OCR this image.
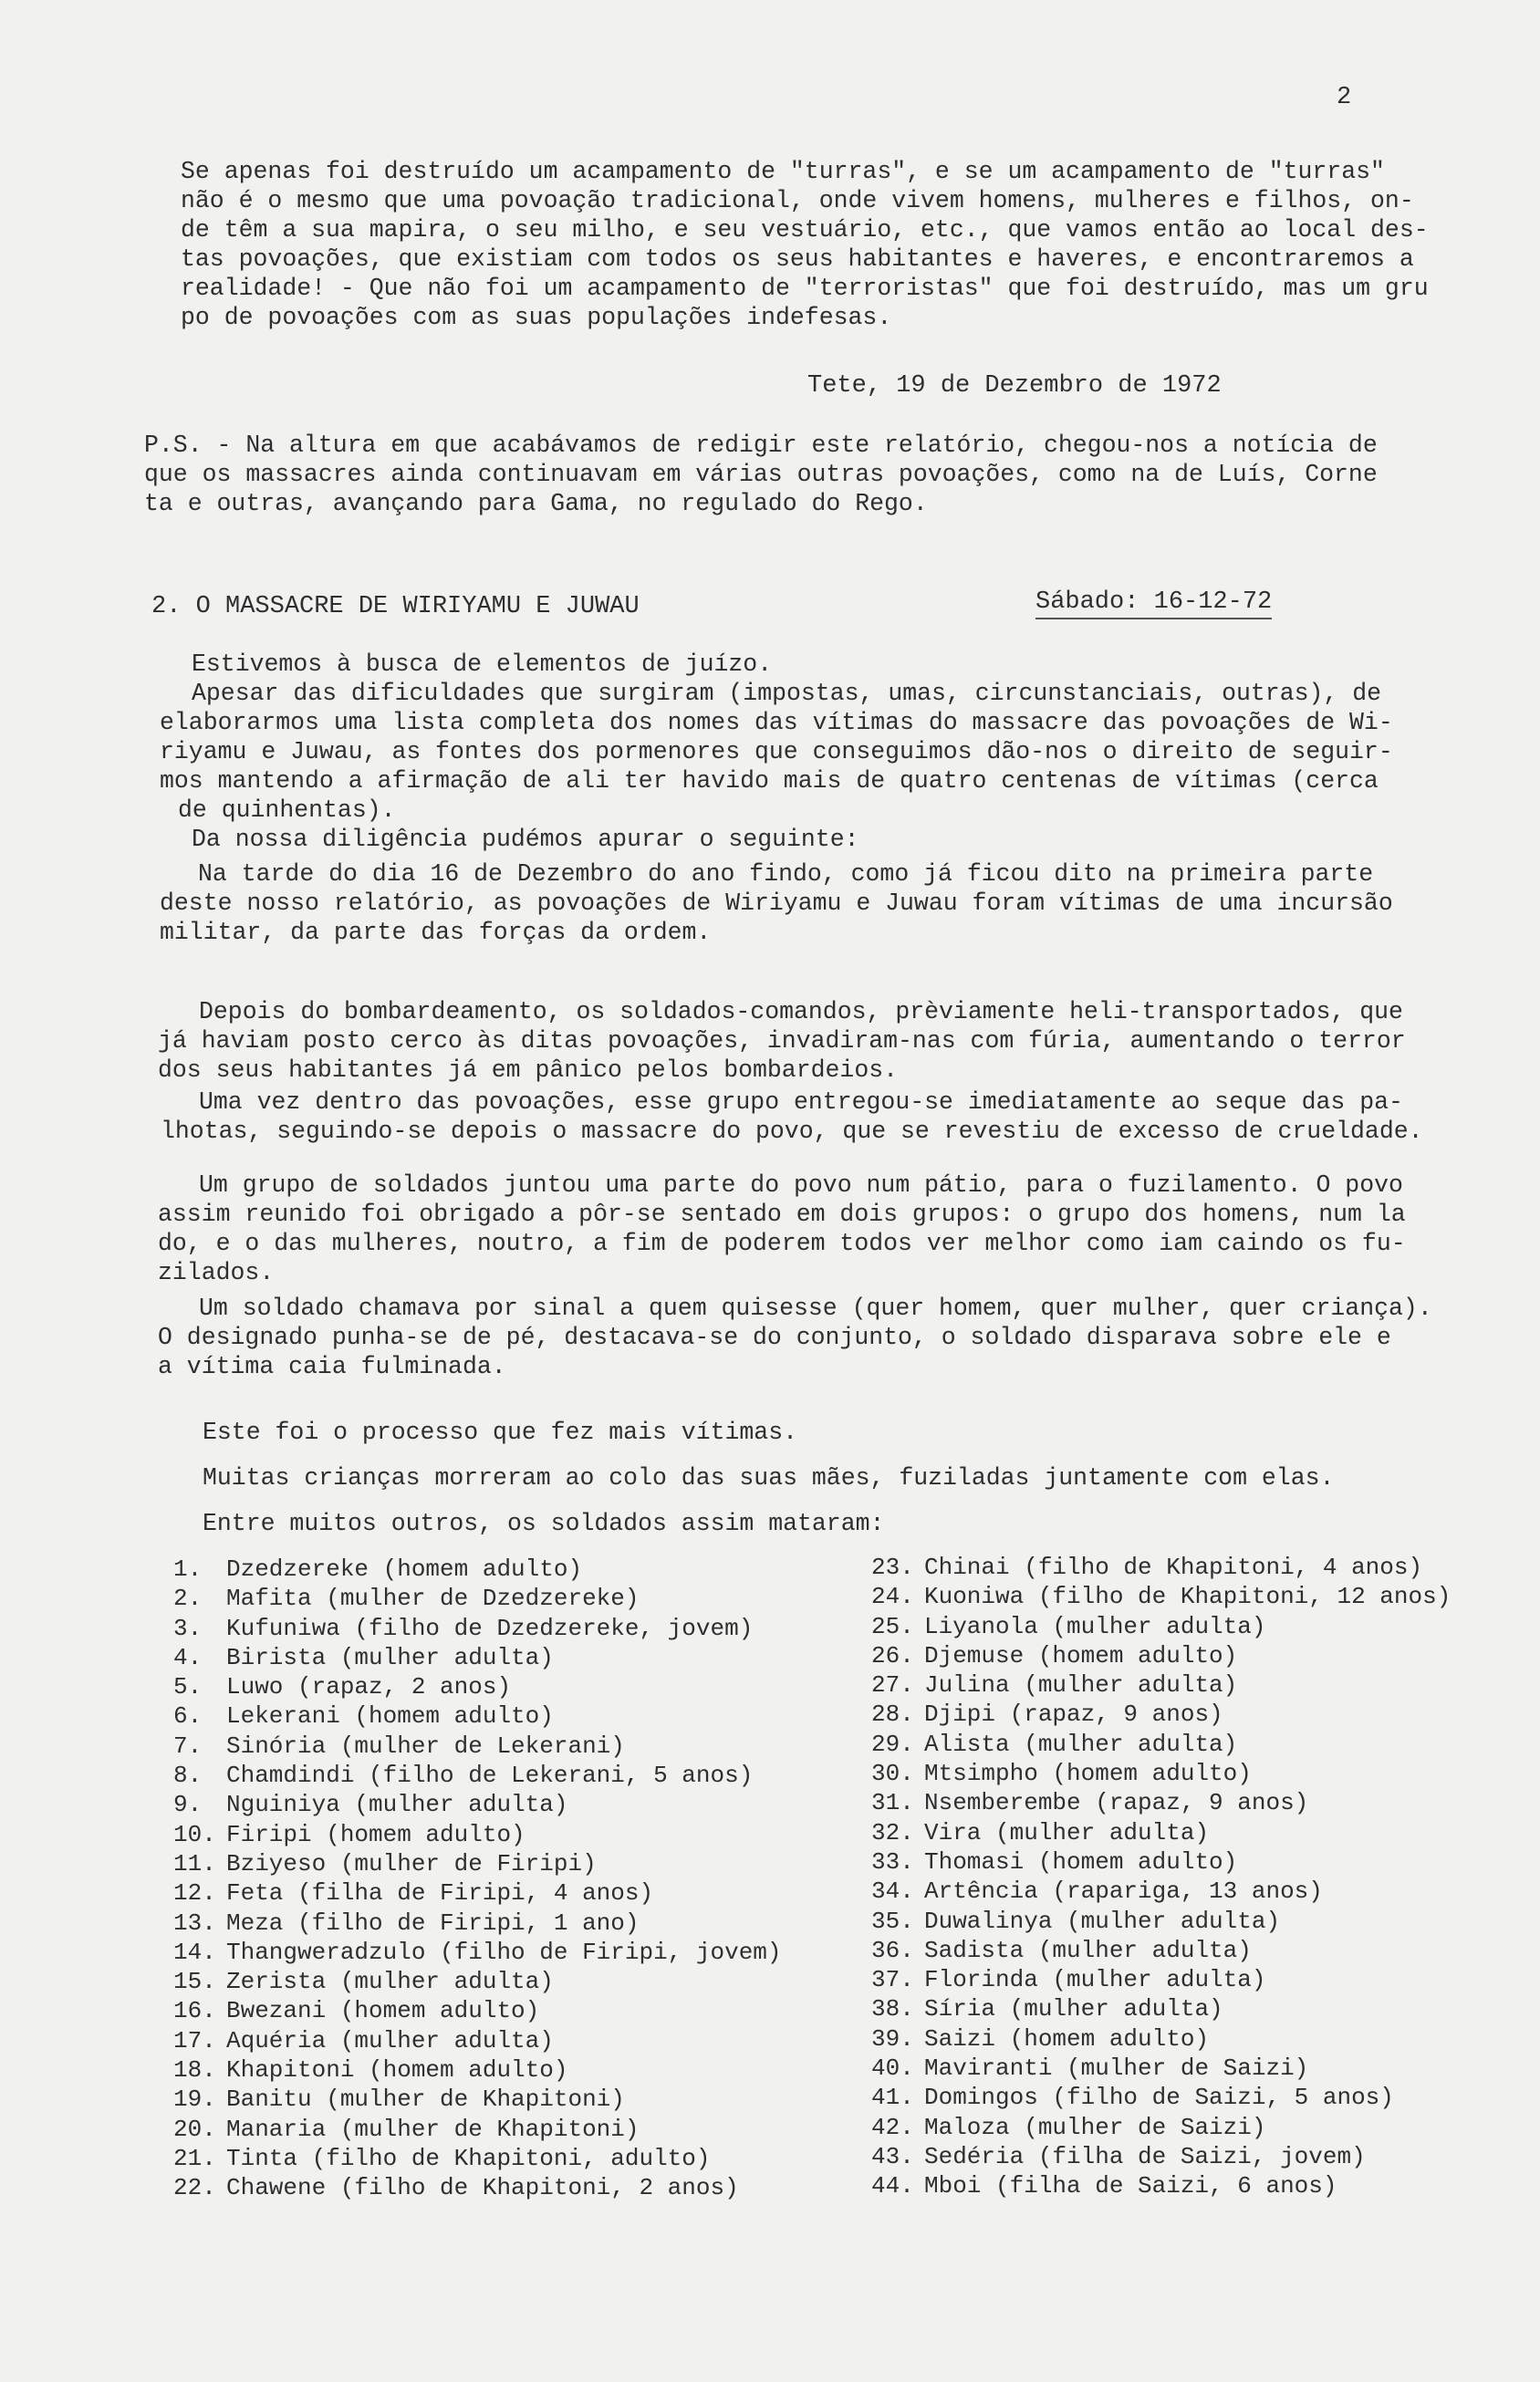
2
Se apenas foi destruído um acampamento de "turras", e se um acampamento de "turras"
não é o mesmo que uma povoação tradicional, onde vivem homens, mulheres e filhos, on-
de têm a sua mapira, o seu milho, e seu vestuário, etc., que vamos então ao local des-
tas povoações, que existiam com todos os seus habitantes e haveres, e encontraremos a
realidade! - Que não foi um acampamento de "terroristas" que foi destruído, mas um gru
po de povoações com as suas populações indefesas.
Tete, 19 de Dezembro de 1972
P.S. - Na altura em que acabávamos de redigir este relatório, chegou-nos a notícia de
que os massacres ainda continuavam em várias outras povoações, como na de Luís, Corne
ta e outras, avançando para Gama, no regulado do Rego.
2. O MASSACRE DE WIRIYAMU E JUWAU	Sábado: 16-12-72
Estivemos à busca de elementos de juízo.
Apesar das dificuldades que surgiram (impostas, umas, circunstanciais, outras), de
elaborarmos uma lista completa dos nomes das vítimas do massacre das povoações de Wi-
riyamu e Juwau, as fontes dos pormenores que conseguimos dão-nos o direito de seguir-
mos mantendo a afirmação de ali ter havido mais de quatro centenas de vítimas (cerca
de quinhentas).
Da nossa diligência pudémos apurar o seguinte:
Na tarde do dia 16 de Dezembro do ano findo, como já ficou dito na primeira parte
deste nosso relatório, as povoações de Wiriyamu e Juwau foram vítimas de uma incursão
militar, da parte das forças da ordem.
Depois do bombardeamento, os soldados-comandos, prèviamente heli-transportados, que
já haviam posto cerco às ditas povoações, invadiram-nas com fúria, aumentando o terror
dos seus habitantes já em pânico pelos bombardeios.
Uma vez dentro das povoações, esse grupo entregou-se imediatamente ao seque das pa-
lhotas, seguindo-se depois o massacre do povo, que se revestiu de excesso de crueldade.
Um grupo de soldados juntou uma parte do povo num pátio, para o fuzilamento. O povo
assim reunido foi obrigado a pôr-se sentado em dois grupos: o grupo dos homens, num la
do, e o das mulheres, noutro, a fim de poderem todos ver melhor como iam caindo os fu-
zilados.
Um soldado chamava por sinal a quem quisesse (quer homem, quer mulher, quer criança).
O designado punha-se de pé, destacava-se do conjunto, o soldado disparava sobre ele e
a vítima caia fulminada.
Este foi o processo que fez mais vítimas.
Muitas crianças morreram ao colo das suas mães, fuziladas juntamente com elas.
Entre muitos outros, os soldados assim mataram:
1. Dzedzereke (homem adulto)
2. Mafita (mulher de Dzedzereke)
3. Kufuniwa (filho de Dzedzereke, jovem)
4. Birista (mulher adulta)
5. Luwo (rapaz, 2 anos)
6. Lekerani (homem adulto)
7. Sinória (mulher de Lekerani)
8. Chamdindi (filho de Lekerani, 5 anos)
9. Nguiniya (mulher adulta)
10. Firipi (homem adulto)
11. Bziyeso (mulher de Firipi)
12. Feta (filha de Firipi, 4 anos)
13. Meza (filho de Firipi, 1 ano)
14. Thangweradzulo (filho de Firipi, jovem)
15. Zerista (mulher adulta)
16. Bwezani (homem adulto)
17. Aquéria (mulher adulta)
18. Khapitoni (homem adulto)
19. Banitu (mulher de Khapitoni)
20. Manaria (mulher de Khapitoni)
21. Tinta (filho de Khapitoni, adulto)
22. Chawene (filho de Khapitoni, 2 anos)
23. Chinai (filho de Khapitoni, 4 anos)
24. Kuoniwa (filho de Khapitoni, 12 anos)
25. Liyanola (mulher adulta)
26. Djemuse (homem adulto)
27. Julina (mulher adulta)
28. Djipi (rapaz, 9 anos)
29. Alista (mulher adulta)
30. Mtsimpho (homem adulto)
31. Nsemberembe (rapaz, 9 anos)
32. Vira (mulher adulta)
33. Thomasi (homem adulto)
34. Artência (rapariga, 13 anos)
35. Duwalinya (mulher adulta)
36. Sadista (mulher adulta)
37. Florinda (mulher adulta)
38. Síria (mulher adulta)
39. Saizi (homem adulto)
40. Maviranti (mulher de Saizi)
41. Domingos (filho de Saizi, 5 anos)
42. Maloza (mulher de Saizi)
43. Sedéria (filha de Saizi, jovem)
44. Mboi (filha de Saizi, 6 anos)
